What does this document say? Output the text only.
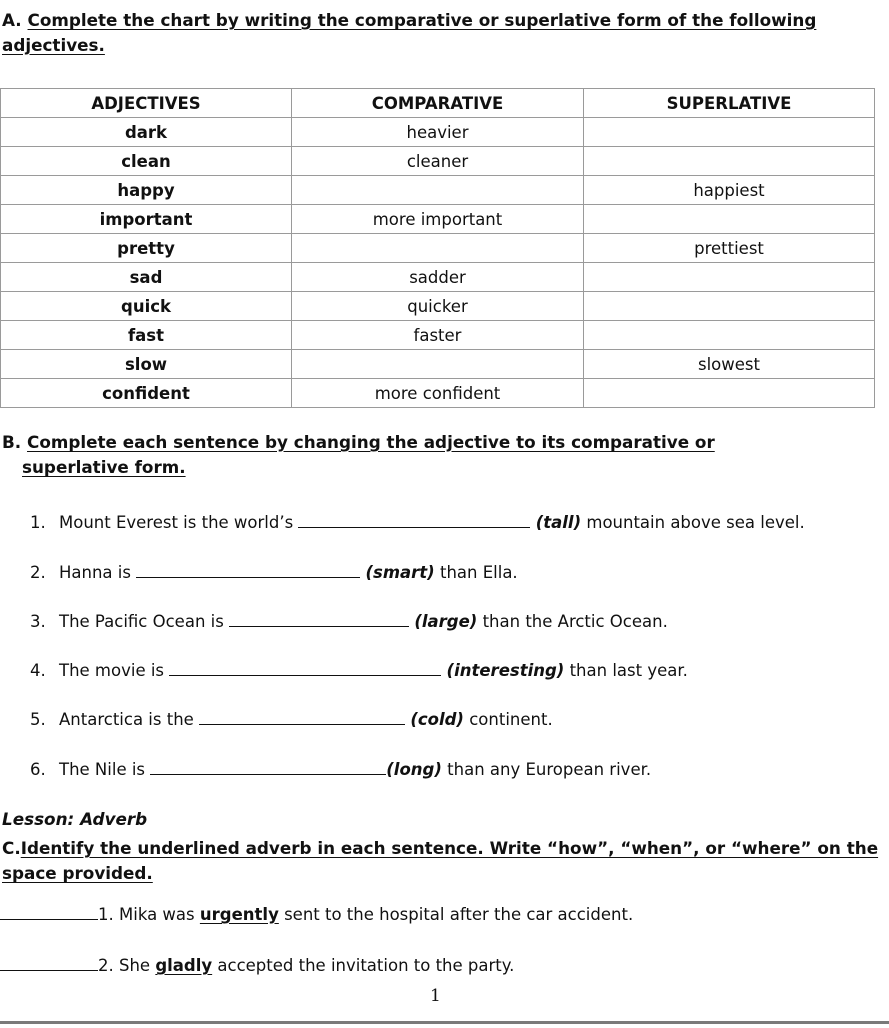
A. Complete the chart by writing the comparative or superlative form of the following
adjectives.
ADJECTIVES	COMPARATIVE	SUPERLATIVE
dark	heavier	
clean	cleaner	
happy		happiest
important	more important	
pretty		prettiest
sad	sadder	
quick	quicker	
fast	faster	
slow		slowest
confident	more confident	
B. Complete each sentence by changing the adjective to its comparative or
superlative form.
1. Mount Everest is the world’s	(tall) mountain above sea level.
2. Hanna is	(smart) than Ella.
3. The Pacific Ocean is	(large) than the Arctic Ocean.
4. The movie is	(interesting) than last year.
5. Antarctica is the	(cold) continent.
6. The Nile is	(long) than any European river.
Lesson: Adverb
C.Identify the underlined adverb in each sentence. Write “how”, “when”, or “where” on the
space provided.
1. Mika was urgently sent to the hospital after the car accident.
2. She gladly accepted the invitation to the party.
1
